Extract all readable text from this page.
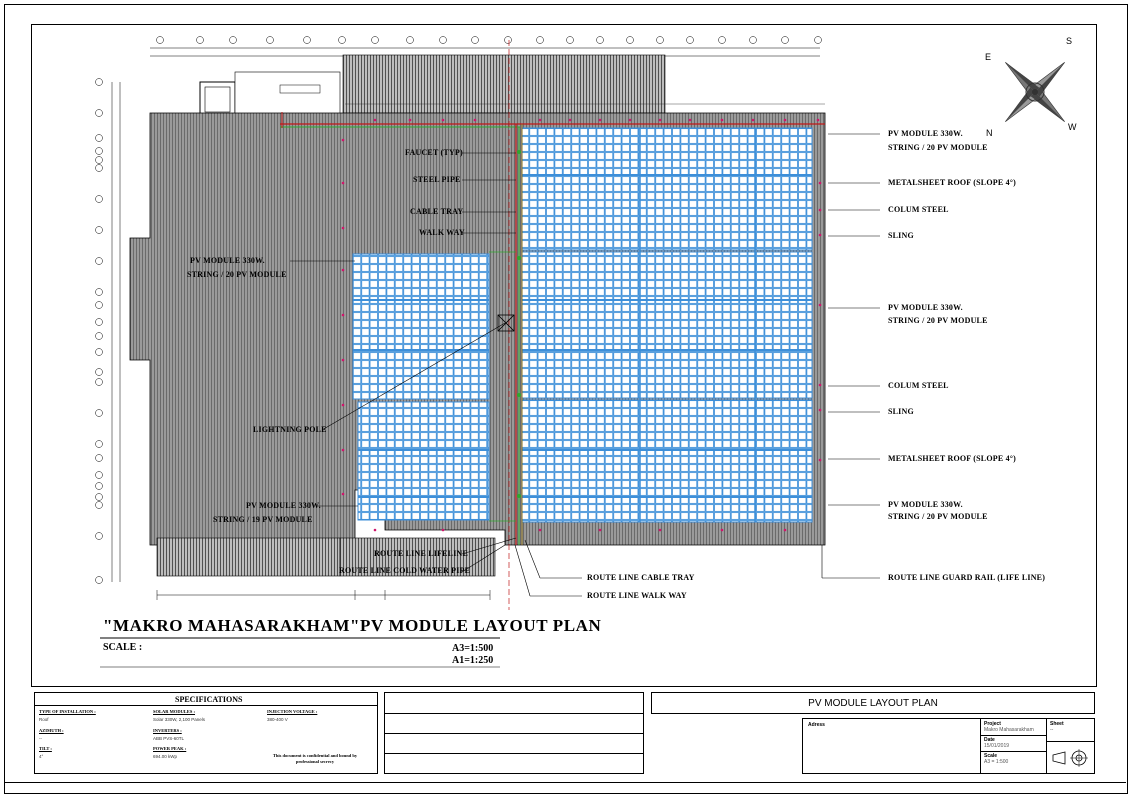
S
E
N
W
FAUCET (TYP)
STEEL PIPE
CABLE TRAY
WALK WAY
PV MODULE 330W.
STRING / 20 PV MODULE
LIGHTNING POLE
PV MODULE 330W.
STRING / 19 PV MODULE
ROUTE LINE LIFELINE
ROUTE LINE COLD WATER PIPE
ROUTE LINE CABLE TRAY
ROUTE LINE WALK WAY
PV MODULE 330W.
STRING / 20 PV MODULE
METALSHEET ROOF (SLOPE 4°)
COLUM STEEL
SLING
PV MODULE 330W.
STRING / 20 PV MODULE
COLUM STEEL
SLING
METALSHEET ROOF (SLOPE 4°)
PV MODULE 330W.
STRING / 20 PV MODULE
ROUTE LINE GUARD RAIL (LIFE LINE)
"MAKRO MAHASARAKHAM"PV MODULE LAYOUT PLAN
SCALE :	A3=1:500
A1=1:250
SPECIFICATIONS
TYPE OF INSTALLATION :
Roof
AZIMUTH :
--
TILT :
4°
SOLAR MODULES :
Solar 330W, 2,100 Panels
INVERTERS :
ABB PVS-60TL
POWER PEAK :
694.00 kWp
INJECTION VOLTAGE :
380-400 V
This document is confidential and bound by professional secrecy
PV MODULE LAYOUT PLAN
Adress	Project
Makro Mahasarakham
Date
15/01/2019
Scale
A3 = 1:500
Sheet
--
